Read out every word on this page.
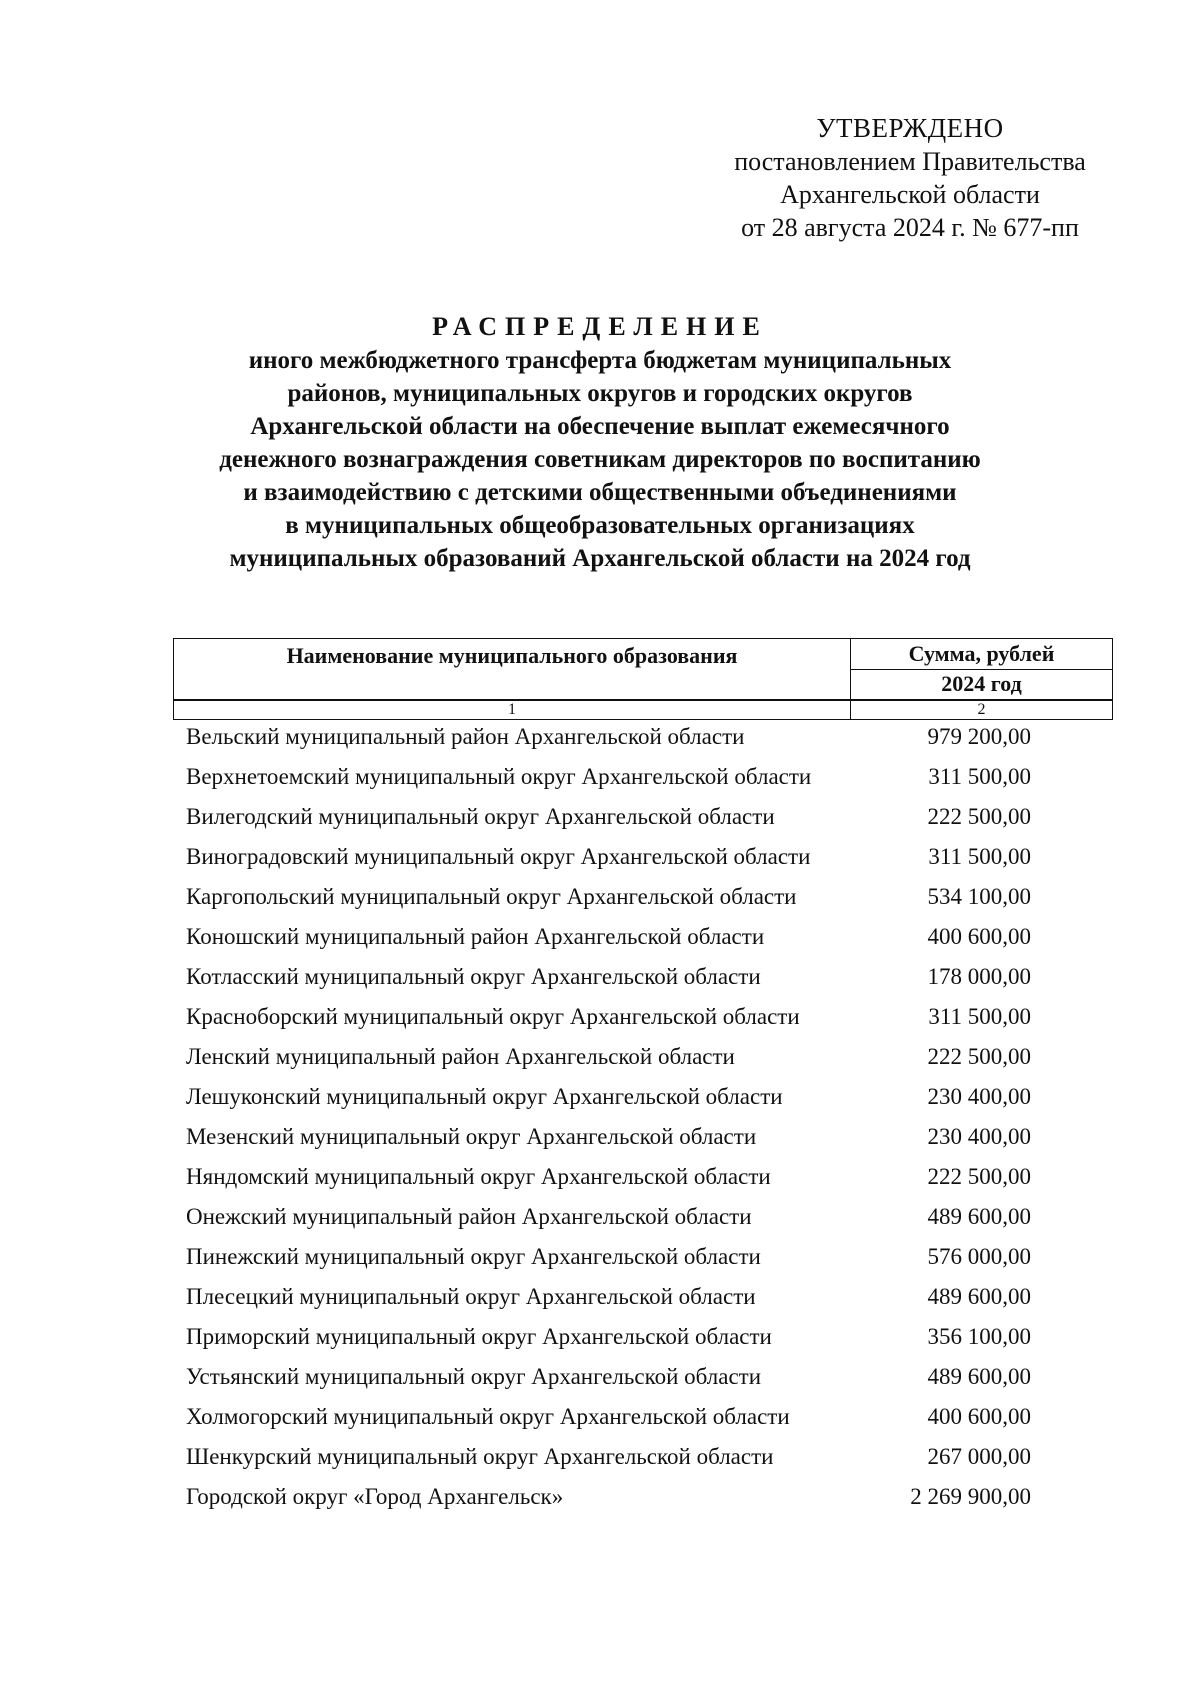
УТВЕРЖДЕНО
постановлением Правительства
Архангельской области
от 28 августа 2024 г. № 677-пп

РАСПРЕДЕЛЕНИЕ

иного межбюджетного трансферта бюджетам муниципальных

районов, муниципальных округов и городских округов

Архангельской области на обеспечение выплат ежемесячного

денежного вознаграждения советникам директоров по воспитанию

и взаимодействию с детскими общественными объединениями

в муниципальных общеобразовательных организациях

муниципальных образований Архангельской области на 2024 год

Наименование муниципального образования	Сумма, рублей
2024 год
1	2
Вельский муниципальный район Архангельской области	979 200,00
Верхнетоемский муниципальный округ Архангельской области	311 500,00
Вилегодский муниципальный округ Архангельской области	222 500,00
Виноградовский муниципальный округ Архангельской области	311 500,00
Каргопольский муниципальный округ Архангельской области	534 100,00
Коношский муниципальный район Архангельской области	400 600,00
Котласский муниципальный округ Архангельской области	178 000,00
Красноборский муниципальный округ Архангельской области	311 500,00
Ленский муниципальный район Архангельской области	222 500,00
Лешуконский муниципальный округ Архангельской области	230 400,00
Мезенский муниципальный округ Архангельской области	230 400,00
Няндомский муниципальный округ Архангельской области	222 500,00
Онежский муниципальный район Архангельской области	489 600,00
Пинежский муниципальный округ Архангельской области	576 000,00
Плесецкий муниципальный округ Архангельской области	489 600,00
Приморский муниципальный округ Архангельской области	356 100,00
Устьянский муниципальный округ Архангельской области	489 600,00
Холмогорский муниципальный округ Архангельской области	400 600,00
Шенкурский муниципальный округ Архангельской области	267 000,00
Городской округ «Город Архангельск»	2 269 900,00
